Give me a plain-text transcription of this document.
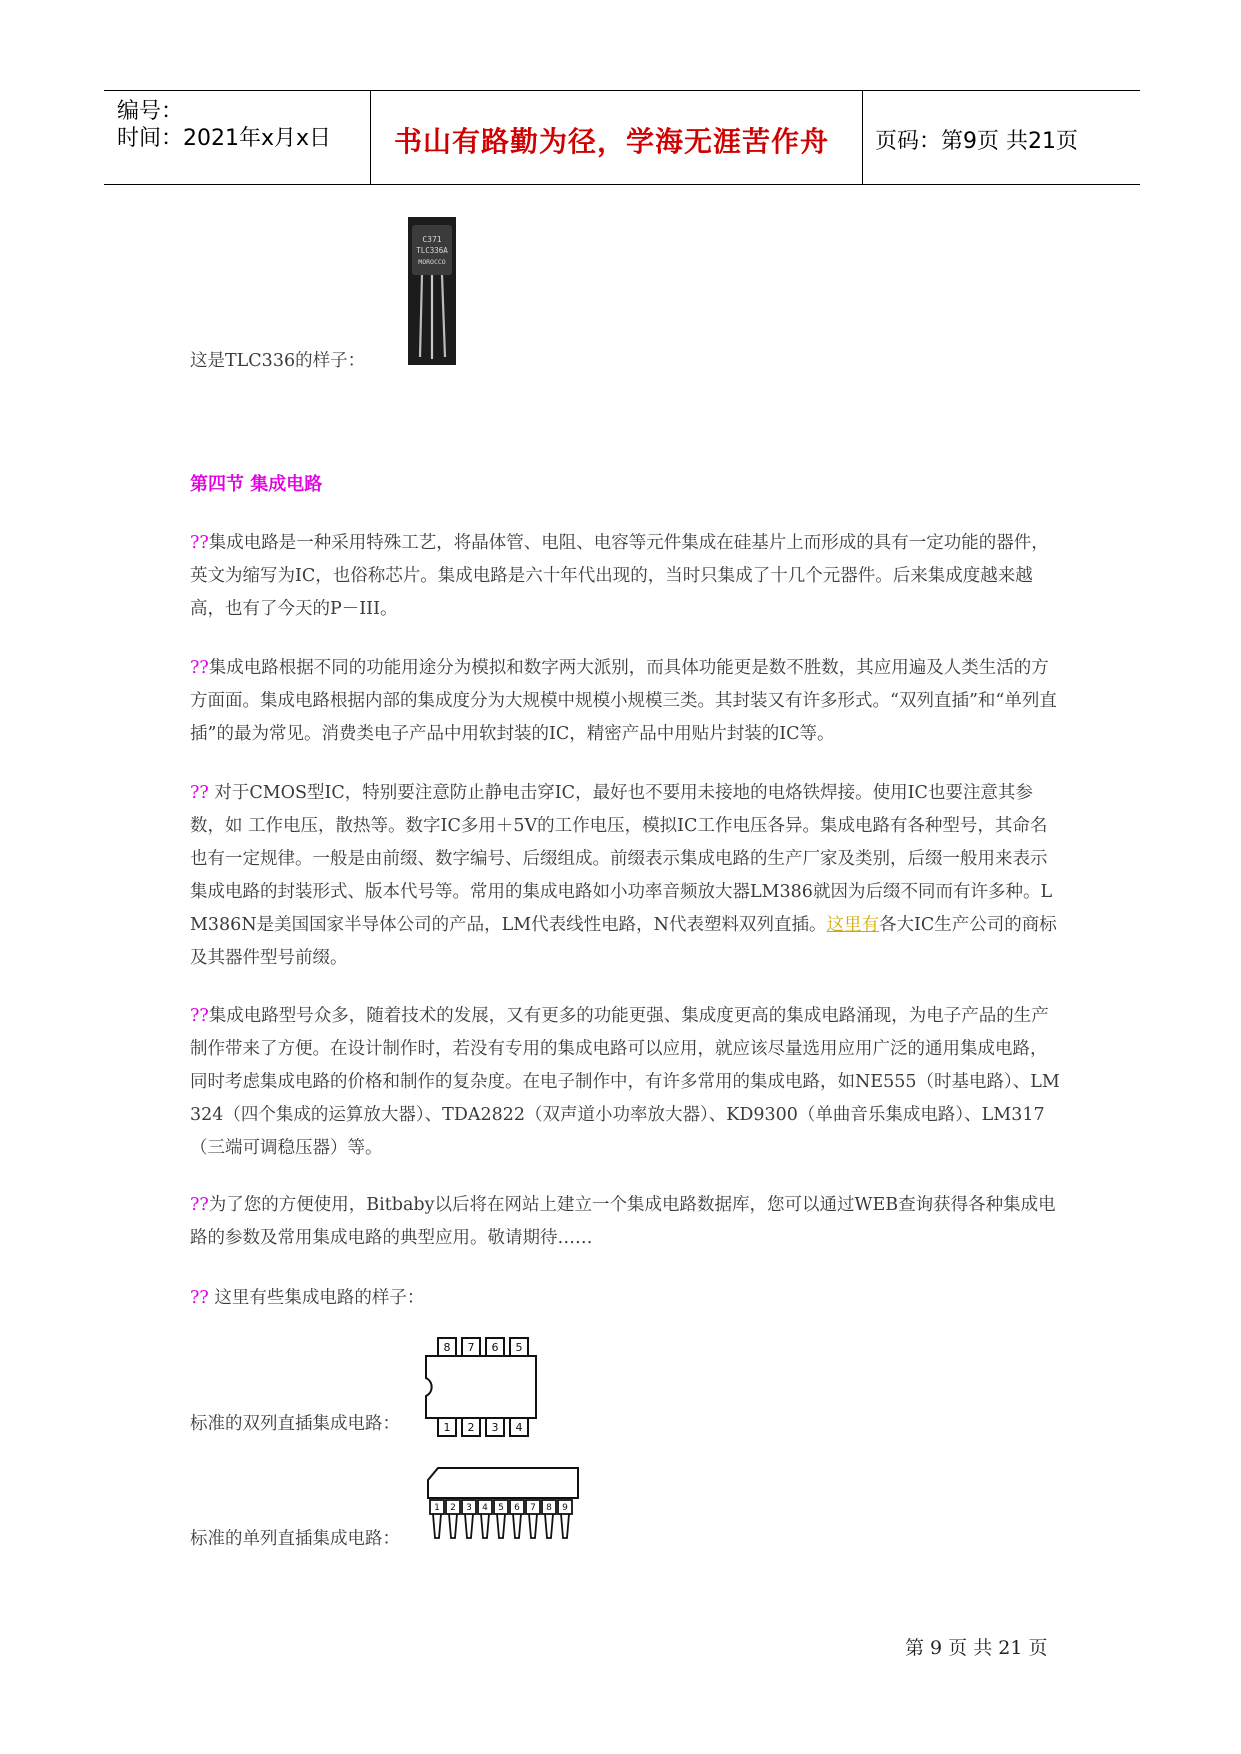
编号：
时间：2021年x月x日 书山有路勤为径，学海无涯苦作舟 页码：第9页 共21页
这是TLC336的样子：
C371
TLC336A
MOROCCO
第四节 集成电路
??集成电路是一种采用特殊工艺，将晶体管、电阻、电容等元件集成在硅基片上而形成的具有一定功能的器件，英文为缩写为IC，也俗称芯片。集成电路是六十年代出现的，当时只集成了十几个元器件。后来集成度越来越高，也有了今天的P－III。
??集成电路根据不同的功能用途分为模拟和数字两大派别，而具体功能更是数不胜数，其应用遍及人类生活的方方面面。集成电路根据内部的集成度分为大规模中规模小规模三类。其封装又有许多形式。“双列直插”和“单列直插”的最为常见。消费类电子产品中用软封装的IC，精密产品中用贴片封装的IC等。
?? 对于CMOS型IC，特别要注意防止静电击穿IC，最好也不要用未接地的电烙铁焊接。使用IC也要注意其参数，如 工作电压，散热等。数字IC多用＋5V的工作电压，模拟IC工作电压各异。集成电路有各种型号，其命名也有一定规律。一般是由前缀、数字编号、后缀组成。前缀表示集成电路的生产厂家及类别，后缀一般用来表示集成电路的封装形式、版本代号等。常用的集成电路如小功率音频放大器LM386就因为后缀不同而有许多种。LM386N是美国国家半导体公司的产品，LM代表线性电路，N代表塑料双列直插。这里有各大IC生产公司的商标及其器件型号前缀。
??集成电路型号众多，随着技术的发展，又有更多的功能更强、集成度更高的集成电路涌现，为电子产品的生产制作带来了方便。在设计制作时，若没有专用的集成电路可以应用，就应该尽量选用应用广泛的通用集成电路，同时考虑集成电路的价格和制作的复杂度。在电子制作中，有许多常用的集成电路，如NE555（时基电路）、LM324（四个集成的运算放大器）、TDA2822（双声道小功率放大器）、KD9300（单曲音乐集成电路）、LM317（三端可调稳压器）等。
??为了您的方便使用，Bitbaby以后将在网站上建立一个集成电路数据库，您可以通过WEB查询获得各种集成电路的参数及常用集成电路的典型应用。敬请期待……
?? 这里有些集成电路的样子：
标准的双列直插集成电路：
8 7 6 5
1 2 3 4
标准的单列直插集成电路：
1 2 3 4 5 6 7 8 9
第 9 页 共 21 页
